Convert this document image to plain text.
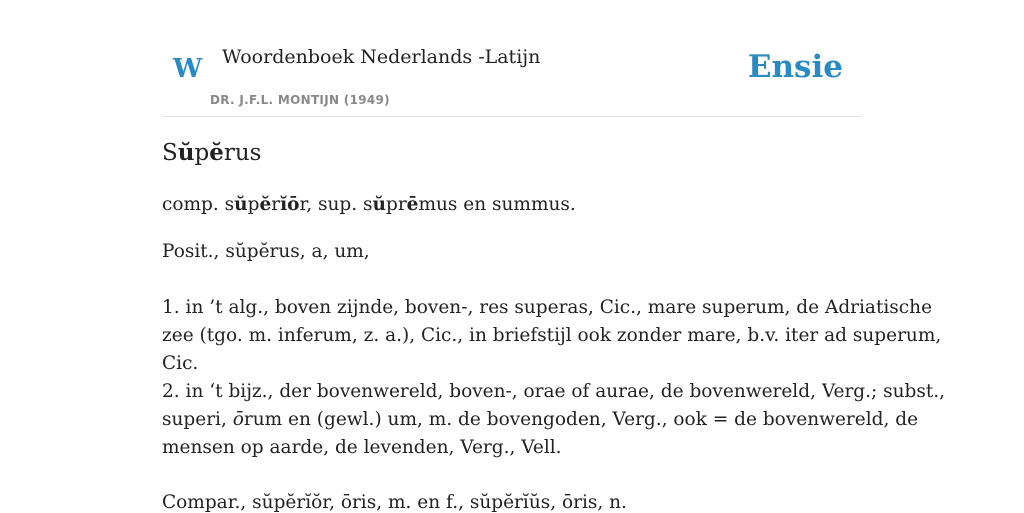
W Woordenboek Nederlands -Latijn
DR. J.F.L. MONTIJN (1949)
Ensie
Sŭpĕrus
comp. sŭpĕrĭōr, sup. sŭprēmus en summus.
Posit., sŭpĕrus, a, um,
1. in ’t alg., boven zijnde, boven-, res superas, Cic., mare superum, de Adriatische
zee (tgo. m. inferum, z. a.), Cic., in briefstijl ook zonder mare, b.v. iter ad superum,
Cic.
2. in ‘t bijz., der bovenwereld, boven-, orae of aurae, de bovenwereld, Verg.; subst.,
superi, ōrum en (gewl.) um, m. de bovengoden, Verg., ook = de bovenwereld, de
mensen op aarde, de levenden, Verg., Vell.
Compar., sŭpĕrĭŏr, ōris, m. en f., sŭpĕrĭŭs, ōris, n.
